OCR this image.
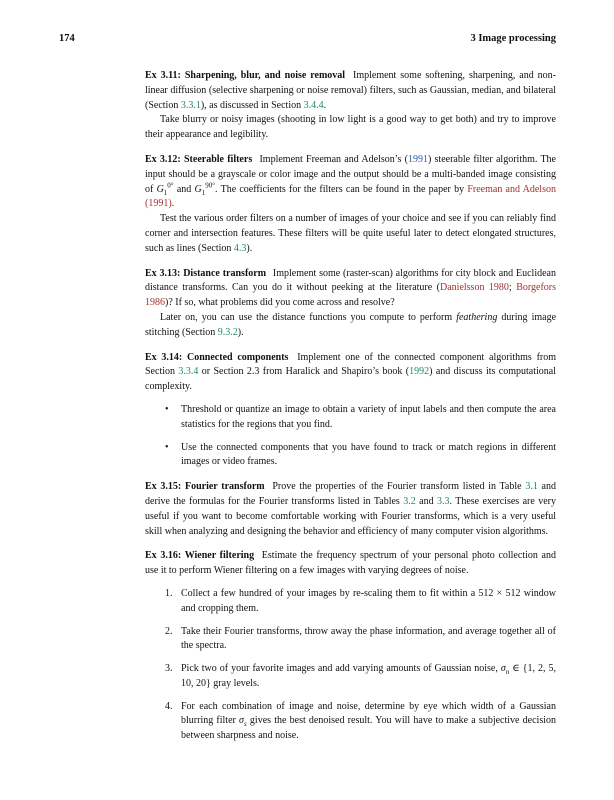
174	3 Image processing
Ex 3.11: Sharpening, blur, and noise removal Implement some softening, sharpening, and non-linear diffusion (selective sharpening or noise removal) filters, such as Gaussian, median, and bilateral (Section 3.3.1), as discussed in Section 3.4.4.
Take blurry or noisy images (shooting in low light is a good way to get both) and try to improve their appearance and legibility.
Ex 3.12: Steerable filters Implement Freeman and Adelson’s (1991) steerable filter algorithm. The input should be a grayscale or color image and the output should be a multi-banded image consisting of $G_1^{0^\circ}$ and $G_1^{90^\circ}$. The coefficients for the filters can be found in the paper by Freeman and Adelson (1991).
Test the various order filters on a number of images of your choice and see if you can reliably find corner and intersection features. These filters will be quite useful later to detect elongated structures, such as lines (Section 4.3).
Ex 3.13: Distance transform Implement some (raster-scan) algorithms for city block and Euclidean distance transforms. Can you do it without peeking at the literature (Danielsson 1980; Borgefors 1986)? If so, what problems did you come across and resolve?
Later on, you can use the distance functions you compute to perform feathering during image stitching (Section 9.3.2).
Ex 3.14: Connected components Implement one of the connected component algorithms from Section 3.3.4 or Section 2.3 from Haralick and Shapiro’s book (1992) and discuss its computational complexity.
• Threshold or quantize an image to obtain a variety of input labels and then compute the area statistics for the regions that you find.
• Use the connected components that you have found to track or match regions in different images or video frames.
Ex 3.15: Fourier transform Prove the properties of the Fourier transform listed in Table 3.1 and derive the formulas for the Fourier transforms listed in Tables 3.2 and 3.3. These exercises are very useful if you want to become comfortable working with Fourier transforms, which is a very useful skill when analyzing and designing the behavior and efficiency of many computer vision algorithms.
Ex 3.16: Wiener filtering Estimate the frequency spectrum of your personal photo collection and use it to perform Wiener filtering on a few images with varying degrees of noise.
1. Collect a few hundred of your images by re-scaling them to fit within a 512 × 512 window and cropping them.
2. Take their Fourier transforms, throw away the phase information, and average together all of the spectra.
3. Pick two of your favorite images and add varying amounts of Gaussian noise, $\sigma_n$ ∈ {1, 2, 5, 10, 20} gray levels.
4. For each combination of image and noise, determine by eye which width of a Gaussian blurring filter $\sigma_s$ gives the best denoised result. You will have to make a subjective decision between sharpness and noise.
